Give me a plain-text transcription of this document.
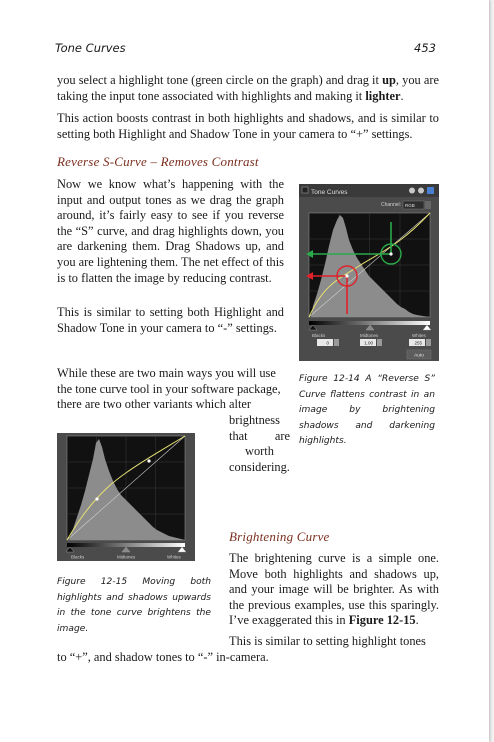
Tone Curves	453

you select a highlight tone (green circle on the graph) and drag it up, you are taking the input tone associated with highlights and making it lighter.

This action boosts contrast in both highlights and shadows, and is similar to setting both Highlight and Shadow Tone in your camera to “+” settings.

Reverse S-Curve – Removes Contrast

Now we know what’s happening with the input and output tones as we drag the graph around, it’s fairly easy to see if you reverse the “S” curve, and drag highlights down, you are darkening them. Drag Shadows up, and you are lightening them. The net effect of this is to flatten the image by reducing contrast.

This is similar to setting both Highlight and Shadow Tone in your camera to “-” settings.

While these are two main ways you will use
the tone curve tool in your software package,
there are two other variants which alter
brightness
that are
worth
considering.
Tone Curves
Channel: RGB
Blacks	Midtones	Whites
0	1.00	255
Auto

Figure 12-14 A “Reverse S” Curve flattens contrast in an image by brightening shadows and darkening highlights.

Blacks	Midtones	Whites

Figure 12-15 Moving both highlights and shadows upwards in the tone curve brightens the image.

Brightening Curve

The brightening curve is a simple one. Move both highlights and shadows up, and your image will be brighter. As with the previous examples, use this sparingly. I’ve exaggerated this in Figure 12-15.

This is similar to setting highlight tones
to “+”, and shadow tones to “-” in-camera.
